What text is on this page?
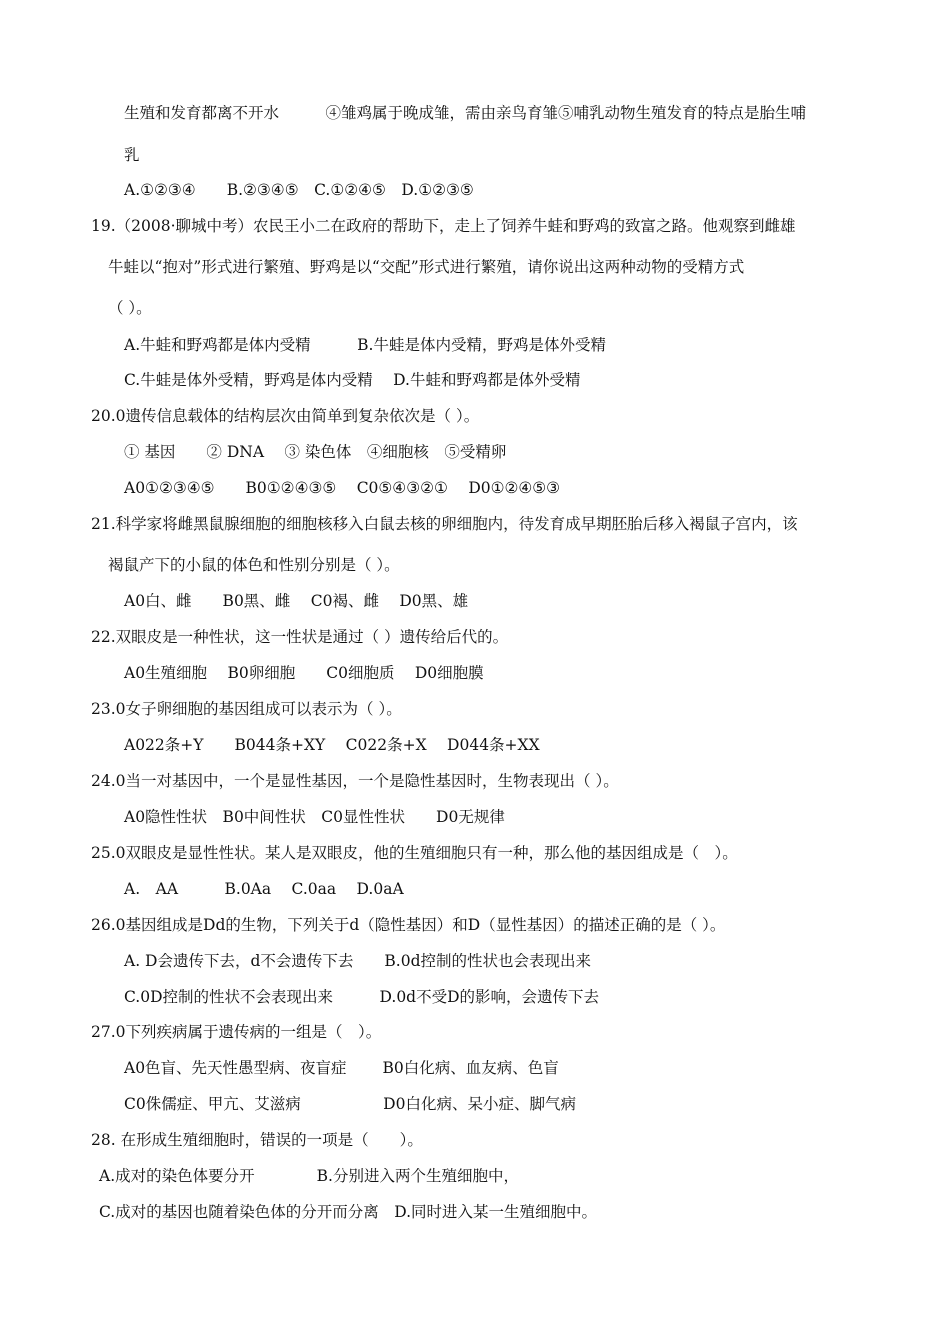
生殖和发育都离不开水　　　④雏鸡属于晚成雏，需由亲鸟育雏⑤哺乳动物生殖发育的特点是胎生哺
乳
A.①②③④　　B.②③④⑤　C.①②④⑤　D.①②③⑤
19.（2008·聊城中考）农民王小二在政府的帮助下，走上了饲养牛蛙和野鸡的致富之路。他观察到雌雄
牛蛙以“抱对”形式进行繁殖、野鸡是以“交配”形式进行繁殖，请你说出这两种动物的受精方式
（ ）。
A.牛蛙和野鸡都是体内受精　　　B.牛蛙是体内受精，野鸡是体外受精
C.牛蛙是体外受精，野鸡是体内受精　 D.牛蛙和野鸡都是体外受精
20.0遗传信息载体的结构层次由简单到复杂依次是（ ）。
① 基因　　② DNA　 ③ 染色体　④细胞核　⑤受精卵
A0①②③④⑤　　B0①②④③⑤　 C0⑤④③②①　 D0①②④⑤③
21.科学家将雌黑鼠腺细胞的细胞核移入白鼠去核的卵细胞内，待发育成早期胚胎后移入褐鼠子宫内，该
褐鼠产下的小鼠的体色和性别分别是（ ）。
A0白、雌　　B0黑、雌　 C0褐、雌　 D0黑、雄
22.双眼皮是一种性状，这一性状是通过（ ）遗传给后代的。
A0生殖细胞　 B0卵细胞　　C0细胞质　 D0细胞膜
23.0女子卵细胞的基因组成可以表示为（ ）。
A022条+Y　　B044条+XY　 C022条+X　 D044条+XX
24.0当一对基因中，一个是显性基因，一个是隐性基因时，生物表现出（ ）。
A0隐性性状　B0中间性状　C0显性性状　　D0无规律
25.0双眼皮是显性性状。某人是双眼皮，他的生殖细胞只有一种，那么他的基因组成是（　）。
A.　AA　　　B.0Aa　 C.0aa　 D.0aA
26.0基因组成是Dd的生物，下列关于d（隐性基因）和D（显性基因）的描述正确的是（ ）。
A. D会遗传下去，d不会遗传下去　　B.0d控制的性状也会表现出来
C.0D控制的性状不会表现出来　　　D.0d不受D的影响，会遗传下去
27.0下列疾病属于遗传病的一组是（　）。
A0色盲、先天性愚型病、夜盲症　　 B0白化病、血友病、色盲
C0侏儒症、甲亢、艾滋病　　　　　 D0白化病、呆小症、脚气病
28. 在形成生殖细胞时，错误的一项是（　　）。
A.成对的染色体要分开　　　　B.分别进入两个生殖细胞中，
C.成对的基因也随着染色体的分开而分离　D.同时进入某一生殖细胞中。
